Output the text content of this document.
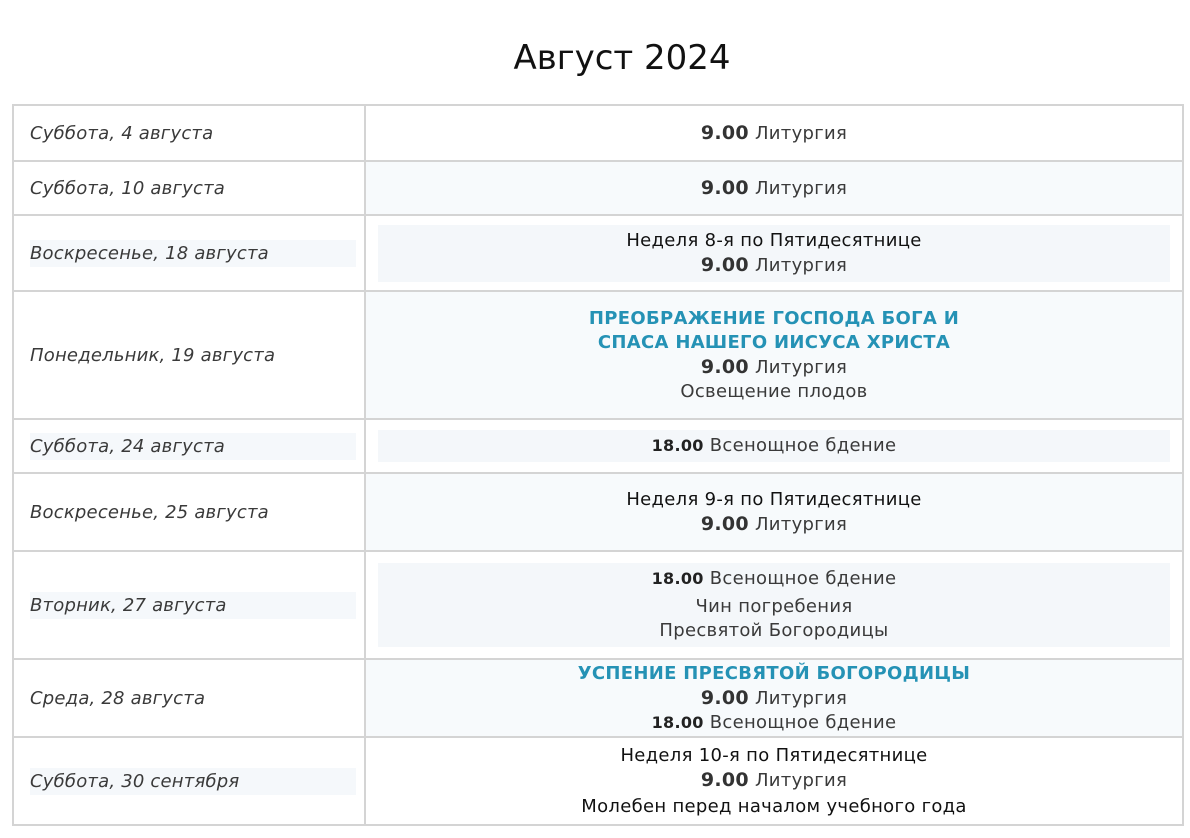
Август 2024
Суббота, 4 августа	9.00 Литургия

Суббота, 10 августа	9.00 Литургия

Воскресенье, 18 августа	Неделя 8-я по Пятидесятнице
9.00 Литургия

Понедельник, 19 августа	ПРЕОБРАЖЕНИЕ ГОСПОДА БОГА И
СПАСА НАШЕГО ИИСУСА ХРИСТА
9.00 Литургия
Освещение плодов

Суббота, 24 августа	18.00 Всенощное бдение

Воскресенье, 25 августа	Неделя 9-я по Пятидесятнице
9.00 Литургия

Вторник, 27 августа	18.00 Всенощное бдение
Чин погребения
Пресвятой Богородицы

Среда, 28 августа	УСПЕНИЕ ПРЕСВЯТОЙ БОГОРОДИЦЫ
9.00 Литургия
18.00 Всенощное бдение

Суббота, 30 сентября	Неделя 10-я по Пятидесятнице
9.00 Литургия
Молебен перед началом учебного года
